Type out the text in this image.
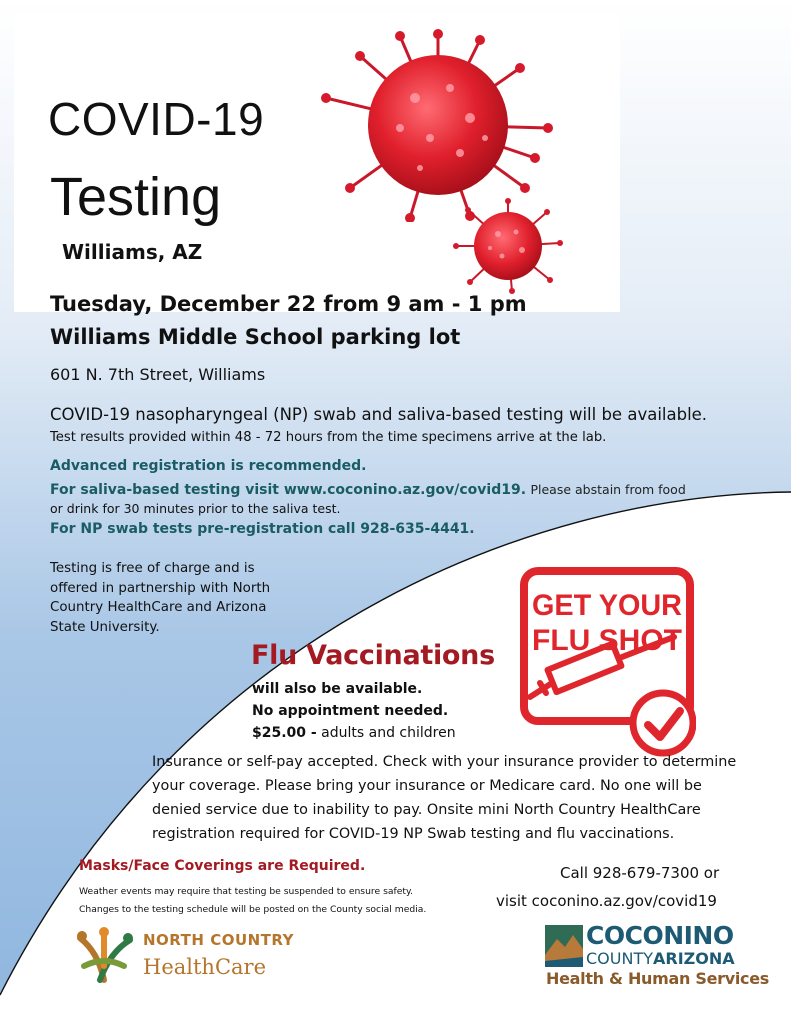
COVID-19
Testing

Williams, AZ

Tuesday, December 22 from 9 am - 1 pm

Williams Middle School parking lot

601 N. 7th Street, Williams

COVID-19 nasopharyngeal (NP) swab and saliva-based testing will be available.

Test results provided within 48 - 72 hours from the time specimens arrive at the lab.

Advanced registration is recommended.

For saliva-based testing visit www.coconino.az.gov/covid19. Please abstain from food

or drink for 30 minutes prior to the saliva test.

For NP swab tests pre-registration call 928-635-4441.

Testing is free of charge and is offered in partnership with North Country HealthCare and Arizona State University.

Flu Vaccinations

will also be available.

No appointment needed.

$25.00 - adults and children

GET YOUR
FLU SHOT

Insurance or self-pay accepted. Check with your insurance provider to determine your coverage. Please bring your insurance or Medicare card. No one will be denied service due to inability to pay. Onsite mini North Country HealthCare registration required for COVID-19 NP Swab testing and flu vaccinations.

Masks/Face Coverings are Required.

Weather events may require that testing be suspended to ensure safety. Changes to the testing schedule will be posted on the County social media.

Call 928-679-7300 or

visit coconino.az.gov/covid19

NORTH COUNTRY

HealthCare

COCONINO

COUNTYARIZONA

Health & Human Services
